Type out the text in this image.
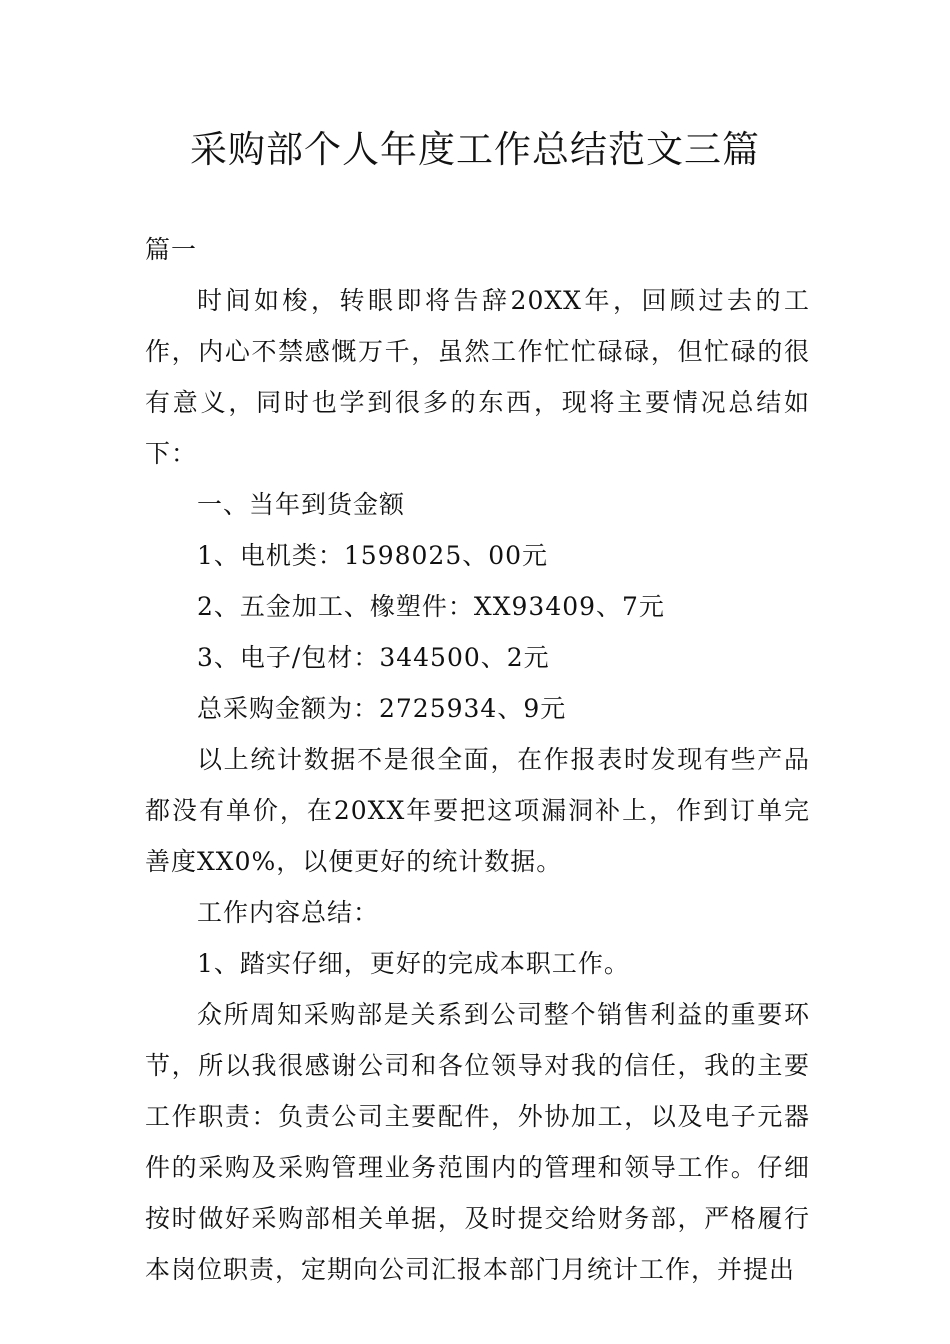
采购部个人年度工作总结范文三篇

篇一

时间如梭，转眼即将告辞20XX年，回顾过去的工作，内心不禁感慨万千，虽然工作忙忙碌碌，但忙碌的很有意义，同时也学到很多的东西，现将主要情况总结如下：

一、当年到货金额

1、电机类：1598025、00元

2、五金加工、橡塑件：XX93409、7元

3、电子/包材：344500、2元

总采购金额为：2725934、9元

以上统计数据不是很全面，在作报表时发现有些产品都没有单价，在20XX年要把这项漏洞补上，作到订单完善度XX0%，以便更好的统计数据。

工作内容总结：

1、踏实仔细，更好的完成本职工作。

众所周知采购部是关系到公司整个销售利益的重要环节，所以我很感谢公司和各位领导对我的信任，我的主要工作职责：负责公司主要配件，外协加工，以及电子元器件的采购及采购管理业务范围内的管理和领导工作。仔细按时做好采购部相关单据，及时提交给财务部，严格履行本岗位职责，定期向公司汇报本部门月统计工作，并提出
